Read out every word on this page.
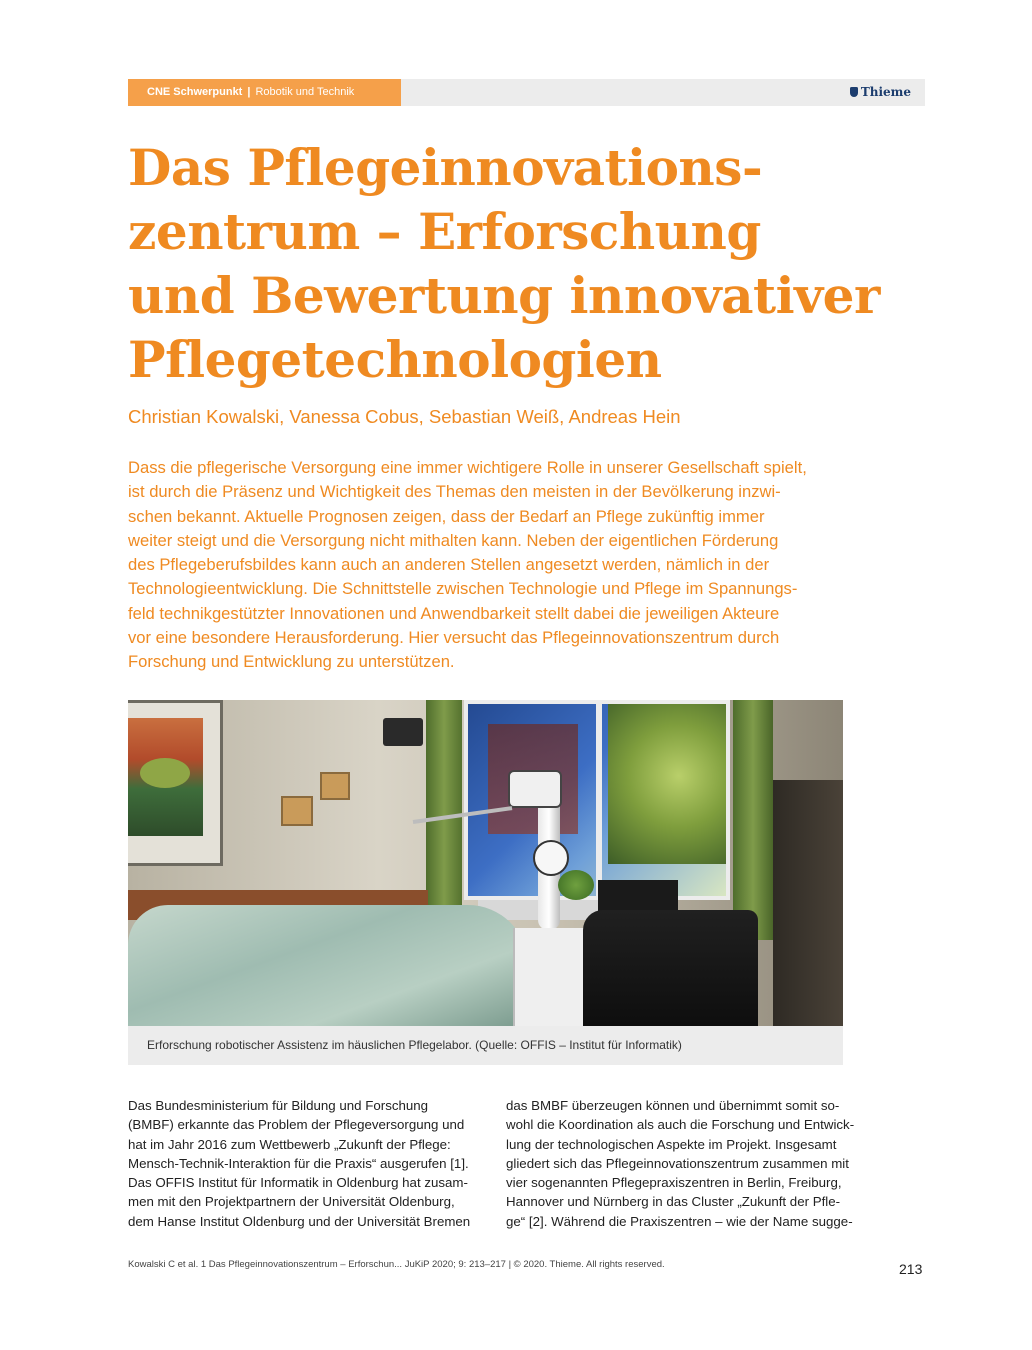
CNE Schwerpunkt | Robotik und Technik	Thieme
Das Pflegeinnovations-
zentrum – Erforschung
und Bewertung innovativer
Pflegetechnologien
Christian Kowalski, Vanessa Cobus, Sebastian Weiß, Andreas Hein
Dass die pflegerische Versorgung eine immer wichtigere Rolle in unserer Gesellschaft spielt,
ist durch die Präsenz und Wichtigkeit des Themas den meisten in der Bevölkerung inzwi-
schen bekannt. Aktuelle Prognosen zeigen, dass der Bedarf an Pflege zukünftig immer
weiter steigt und die Versorgung nicht mithalten kann. Neben der eigentlichen Förderung
des Pflegeberufsbildes kann auch an anderen Stellen angesetzt werden, nämlich in der
Technologieentwicklung. Die Schnittstelle zwischen Technologie und Pflege im Spannungs-
feld technikgestützter Innovationen und Anwendbarkeit stellt dabei die jeweiligen Akteure
vor eine besondere Herausforderung. Hier versucht das Pflegeinnovationszentrum durch
Forschung und Entwicklung zu unterstützen.
Erforschung robotischer Assistenz im häuslichen Pflegelabor. (Quelle: OFFIS – Institut für Informatik)
Das Bundesministerium für Bildung und Forschung
(BMBF) erkannte das Problem der Pflegeversorgung und
hat im Jahr 2016 zum Wettbewerb „Zukunft der Pflege:
Mensch-Technik-Interaktion für die Praxis“ ausgerufen [1].
Das OFFIS Institut für Informatik in Oldenburg hat zusam-
men mit den Projektpartnern der Universität Oldenburg,
dem Hanse Institut Oldenburg und der Universität Bremen
das BMBF überzeugen können und übernimmt somit so-
wohl die Koordination als auch die Forschung und Entwick-
lung der technologischen Aspekte im Projekt. Insgesamt
gliedert sich das Pflegeinnovationszentrum zusammen mit
vier sogenannten Pflegepraxiszentren in Berlin, Freiburg,
Hannover und Nürnberg in das Cluster „Zukunft der Pfle-
ge“ [2]. Während die Praxiszentren – wie der Name sugge-
Kowalski C et al. 1 Das Pflegeinnovationszentrum – Erforschun... JuKiP 2020; 9: 213–217 | © 2020. Thieme. All rights reserved.	213
